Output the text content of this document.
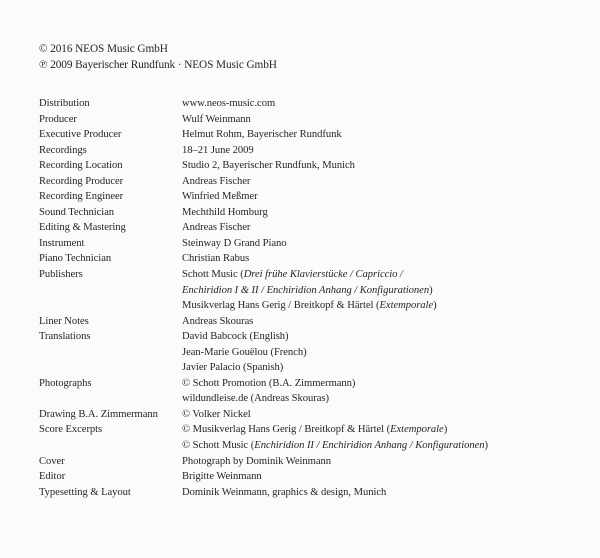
© 2016 NEOS Music GmbH
℗ 2009 Bayerischer Rundfunk · NEOS Music GmbH
Distribution	www.neos-music.com
Producer	Wulf Weinmann
Executive Producer	Helmut Rohm, Bayerischer Rundfunk
Recordings	18–21 June 2009
Recording Location	Studio 2, Bayerischer Rundfunk, Munich
Recording Producer	Andreas Fischer
Recording Engineer	Winfried Meßmer
Sound Technician	Mechthild Homburg
Editing & Mastering	Andreas Fischer
Instrument	Steinway D Grand Piano
Piano Technician	Christian Rabus
Publishers	Schott Music (Drei frühe Klavierstücke / Capriccio /
Enchiridion I & II / Enchiridion Anhang / Konfigurationen)
Musikverlag Hans Gerig / Breitkopf & Härtel (Extemporale)
Liner Notes	Andreas Skouras
Translations	David Babcock (English)
Jean-Marie Gouëlou (French)
Javier Palacio (Spanish)
Photographs	© Schott Promotion (B.A. Zimmermann)
wildundleise.de (Andreas Skouras)
Drawing B.A. Zimmermann	© Volker Nickel
Score Excerpts	© Musikverlag Hans Gerig / Breitkopf & Härtel (Extemporale)
© Schott Music (Enchiridion II / Enchiridion Anhang / Konfigurationen)
Cover	Photograph by Dominik Weinmann
Editor	Brigitte Weinmann
Typesetting & Layout	Dominik Weinmann, graphics & design, Munich
